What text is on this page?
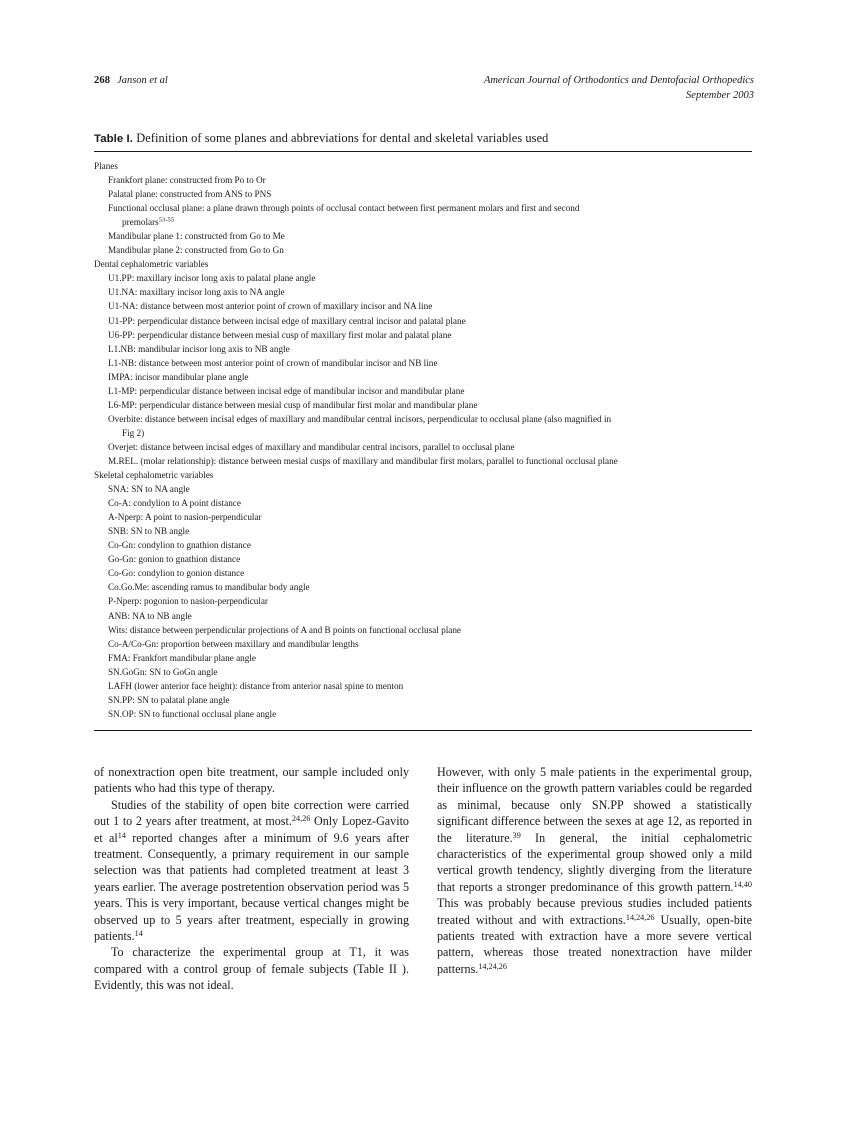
268 Janson et al	American Journal of Orthodontics and Dentofacial Orthopedics
September 2003
Table I. Definition of some planes and abbreviations for dental and skeletal variables used
Planes
Frankfort plane: constructed from Po to Or
Palatal plane: constructed from ANS to PNS
Functional occlusal plane: a plane drawn through points of occlusal contact between first permanent molars and first and second
premolars$^{53-55}$
Mandibular plane 1: constructed from Go to Me
Mandibular plane 2: constructed from Go to Gn
Dental cephalometric variables
U1.PP: maxillary incisor long axis to palatal plane angle
U1.NA: maxillary incisor long axis to NA angle
U1-NA: distance between most anterior point of crown of maxillary incisor and NA line
U1-PP: perpendicular distance between incisal edge of maxillary central incisor and palatal plane
U6-PP: perpendicular distance between mesial cusp of maxillary first molar and palatal plane
L1.NB: mandibular incisor long axis to NB angle
L1-NB: distance between most anterior point of crown of mandibular incisor and NB line
IMPA: incisor mandibular plane angle
L1-MP: perpendicular distance between incisal edge of mandibular incisor and mandibular plane
L6-MP: perpendicular distance between mesial cusp of mandibular first molar and mandibular plane
Overbite: distance between incisal edges of maxillary and mandibular central incisors, perpendicular to occlusal plane (also magnified in
Fig 2)
Overjet: distance between incisal edges of maxillary and mandibular central incisors, parallel to occlusal plane
M.REL. (molar relationship): distance between mesial cusps of maxillary and mandibular first molars, parallel to functional occlusal plane
Skeletal cephalometric variables
SNA: SN to NA angle
Co-A: condylion to A point distance
A-Nperp: A point to nasion-perpendicular
SNB: SN to NB angle
Co-Gn: condylion to gnathion distance
Go-Gn: gonion to gnathion distance
Co-Go: condylion to gonion distance
Co.Go.Me: ascending ramus to mandibular body angle
P-Nperp: pogonion to nasion-perpendicular
ANB: NA to NB angle
Wits: distance between perpendicular projections of A and B points on functional occlusal plane
Co-A/Co-Gn: proportion between maxillary and mandibular lengths
FMA: Frankfort mandibular plane angle
SN.GoGn: SN to GoGn angle
LAFH (lower anterior face height): distance from anterior nasal spine to menton
SN.PP: SN to palatal plane angle
SN.OP: SN to functional occlusal plane angle

of nonextraction open bite treatment, our sample included only patients who had this type of therapy.

Studies of the stability of open bite correction were carried out 1 to 2 years after treatment, at most.$^{24,26}$ Only Lopez-Gavito et $al^{14}$ reported changes after a minimum of 9.6 years after treatment. Consequently, a primary requirement in our sample selection was that patients had completed treatment at least 3 years earlier. The average postretention observation period was 5 years. This is very important, because vertical changes might be observed up to 5 years after treatment, especially in growing patients.$^{14}$

To characterize the experimental group at T1, it was compared with a control group of female subjects (Table II ). Evidently, this was not ideal.

However, with only 5 male patients in the experimental group, their influence on the growth pattern variables could be regarded as minimal, because only SN.PP showed a statistically significant difference between the sexes at age 12, as reported in the literature.$^{39}$ In general, the initial cephalometric characteristics of the experimental group showed only a mild vertical growth tendency, slightly diverging from the literature that reports a stronger predominance of this growth pattern.$^{14,40}$ This was probably because previous studies included patients treated without and with extractions.$^{14,24,26}$ Usually, open-bite patients treated with extraction have a more severe vertical pattern, whereas those treated nonextraction have milder patterns.$^{14,24,26}$
